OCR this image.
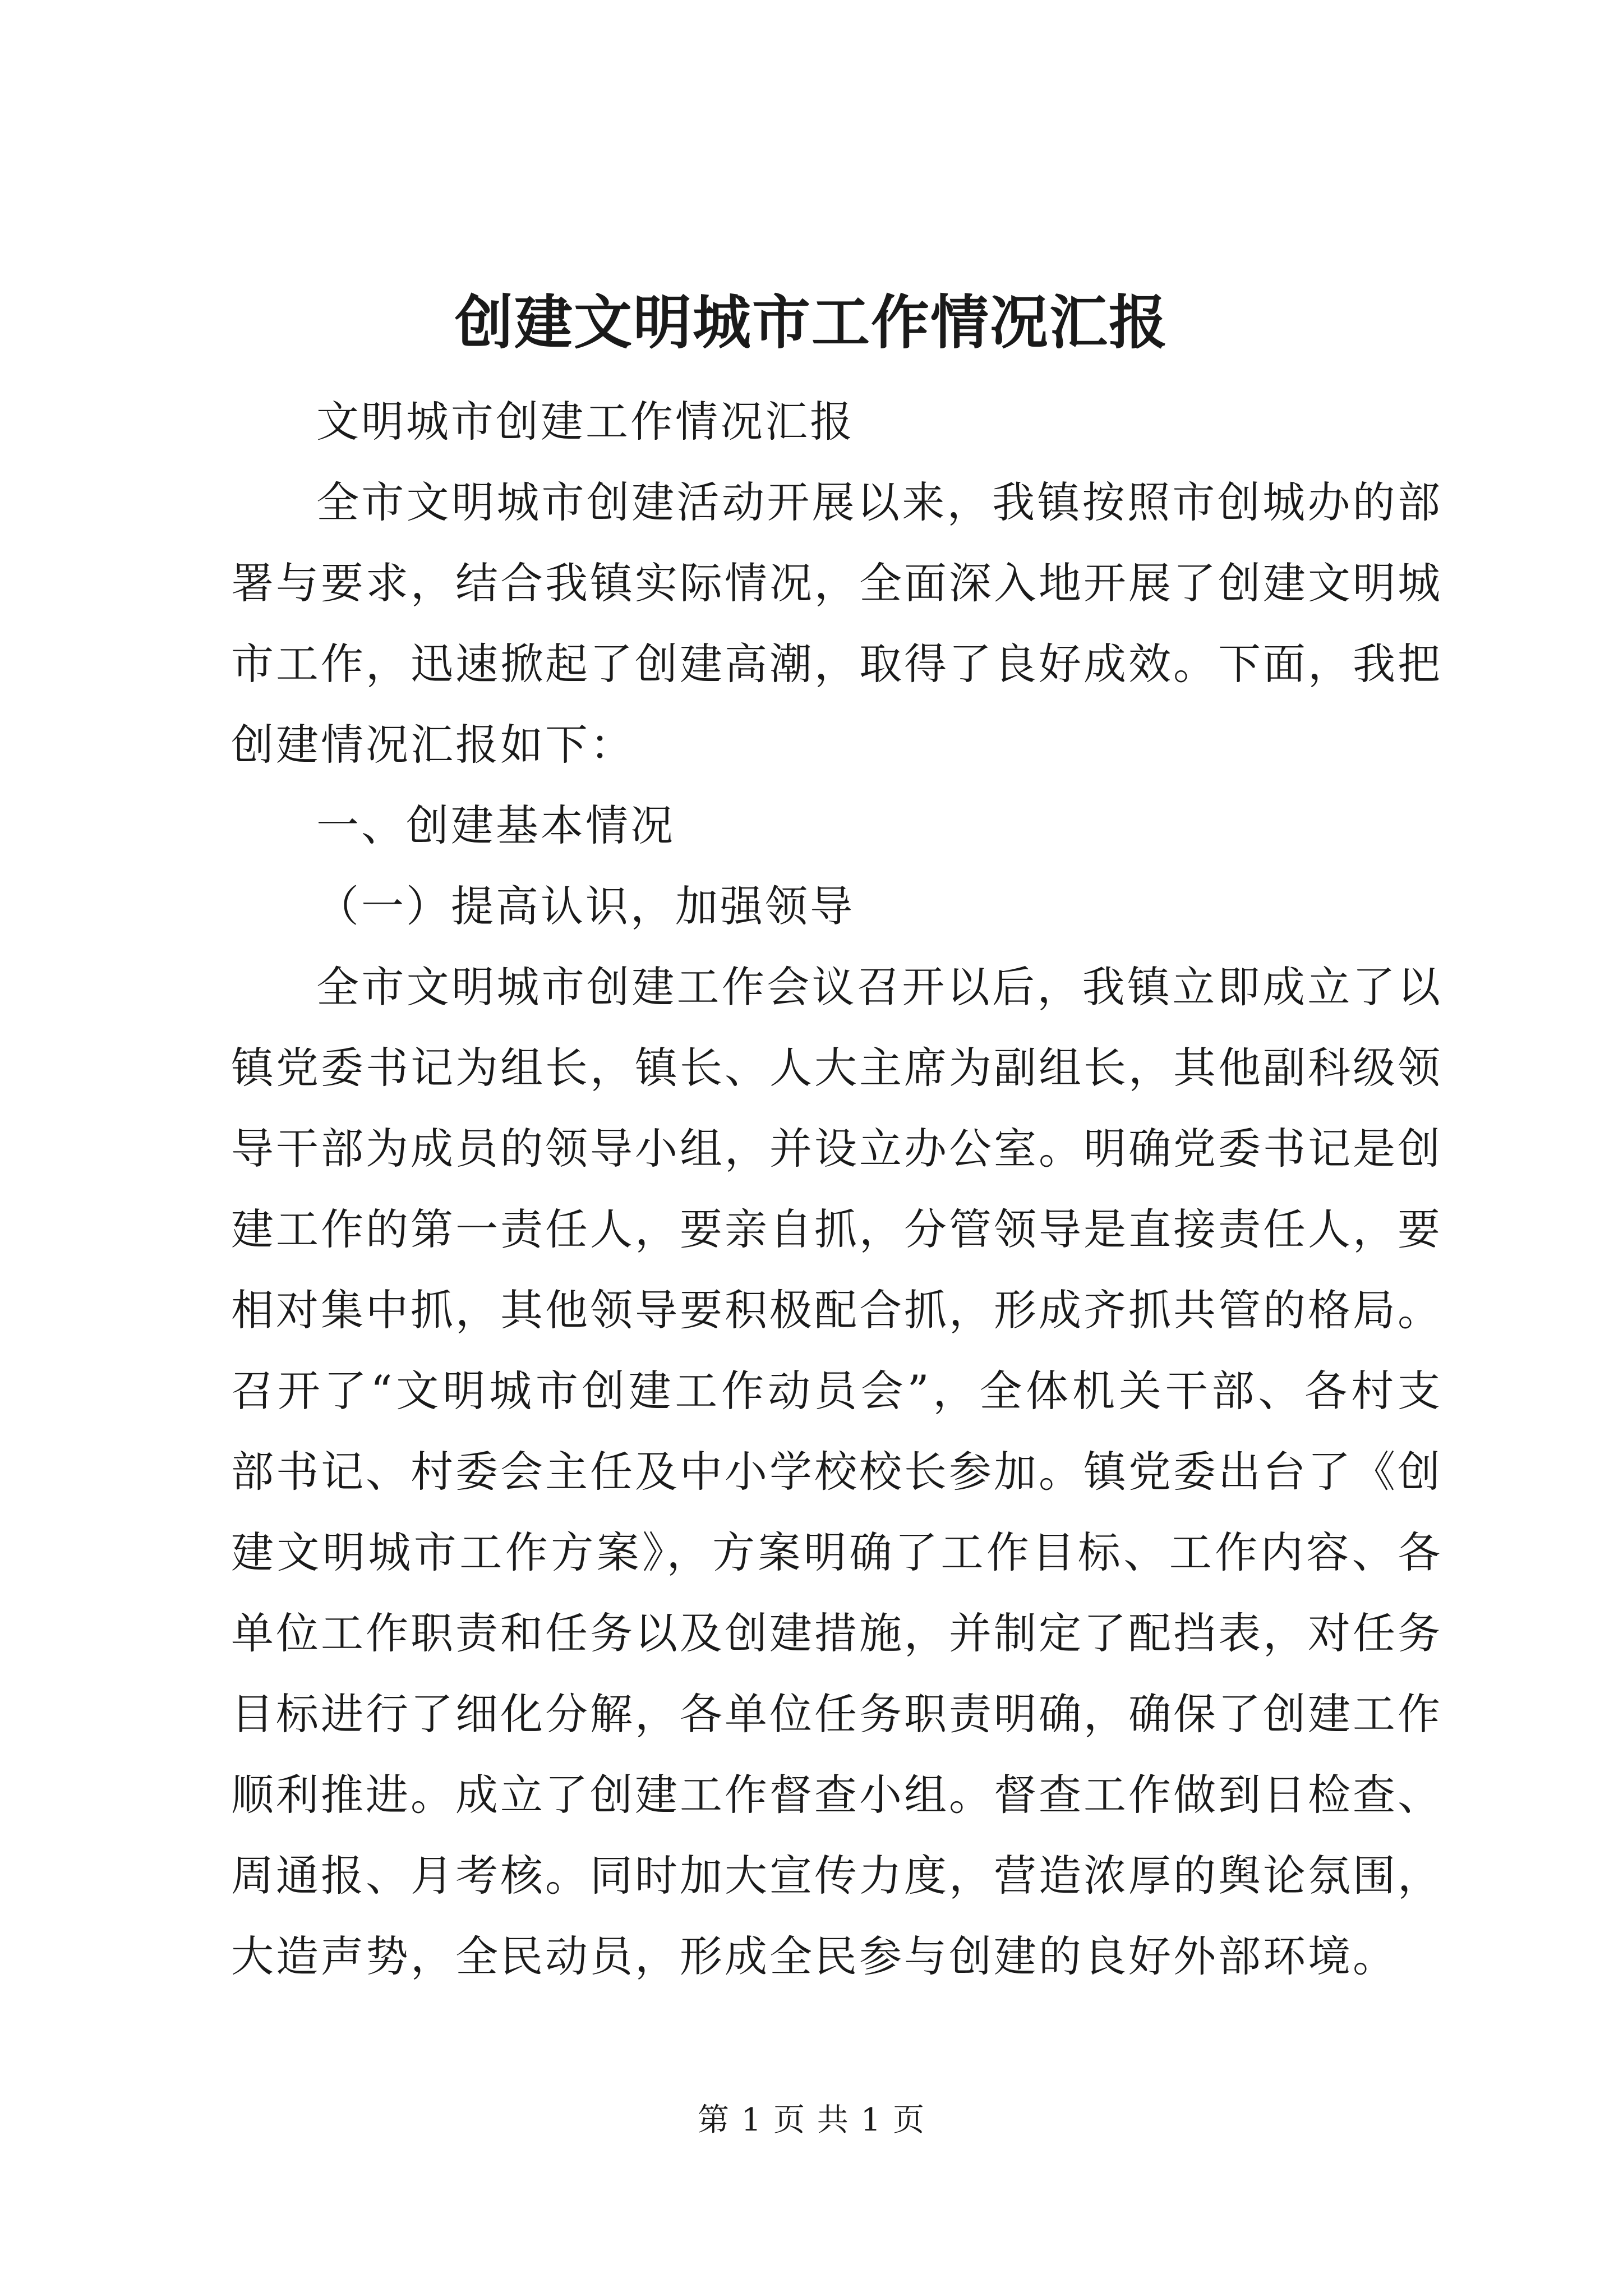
创建文明城市工作情况汇报

文明城市创建工作情况汇报

全市文明城市创建活动开展以来，我镇按照市创城办的部署与要求，结合我镇实际情况，全面深入地开展了创建文明城市工作，迅速掀起了创建高潮，取得了良好成效。下面，我把创建情况汇报如下：

一、创建基本情况

（一）提高认识，加强领导

全市文明城市创建工作会议召开以后，我镇立即成立了以镇党委书记为组长，镇长、人大主席为副组长，其他副科级领导干部为成员的领导小组，并设立办公室。明确党委书记是创建工作的第一责任人，要亲自抓，分管领导是直接责任人，要相对集中抓，其他领导要积极配合抓，形成齐抓共管的格局。召开了“文明城市创建工作动员会”，全体机关干部、各村支部书记、村委会主任及中小学校校长参加。镇党委出台了《创建文明城市工作方案》，方案明确了工作目标、工作内容、各单位工作职责和任务以及创建措施，并制定了配挡表，对任务目标进行了细化分解，各单位任务职责明确，确保了创建工作顺利推进。成立了创建工作督查小组。督查工作做到日检查、周通报、月考核。同时加大宣传力度，营造浓厚的舆论氛围，大造声势，全民动员，形成全民参与创建的良好外部环境。

第 1 页 共 1 页
